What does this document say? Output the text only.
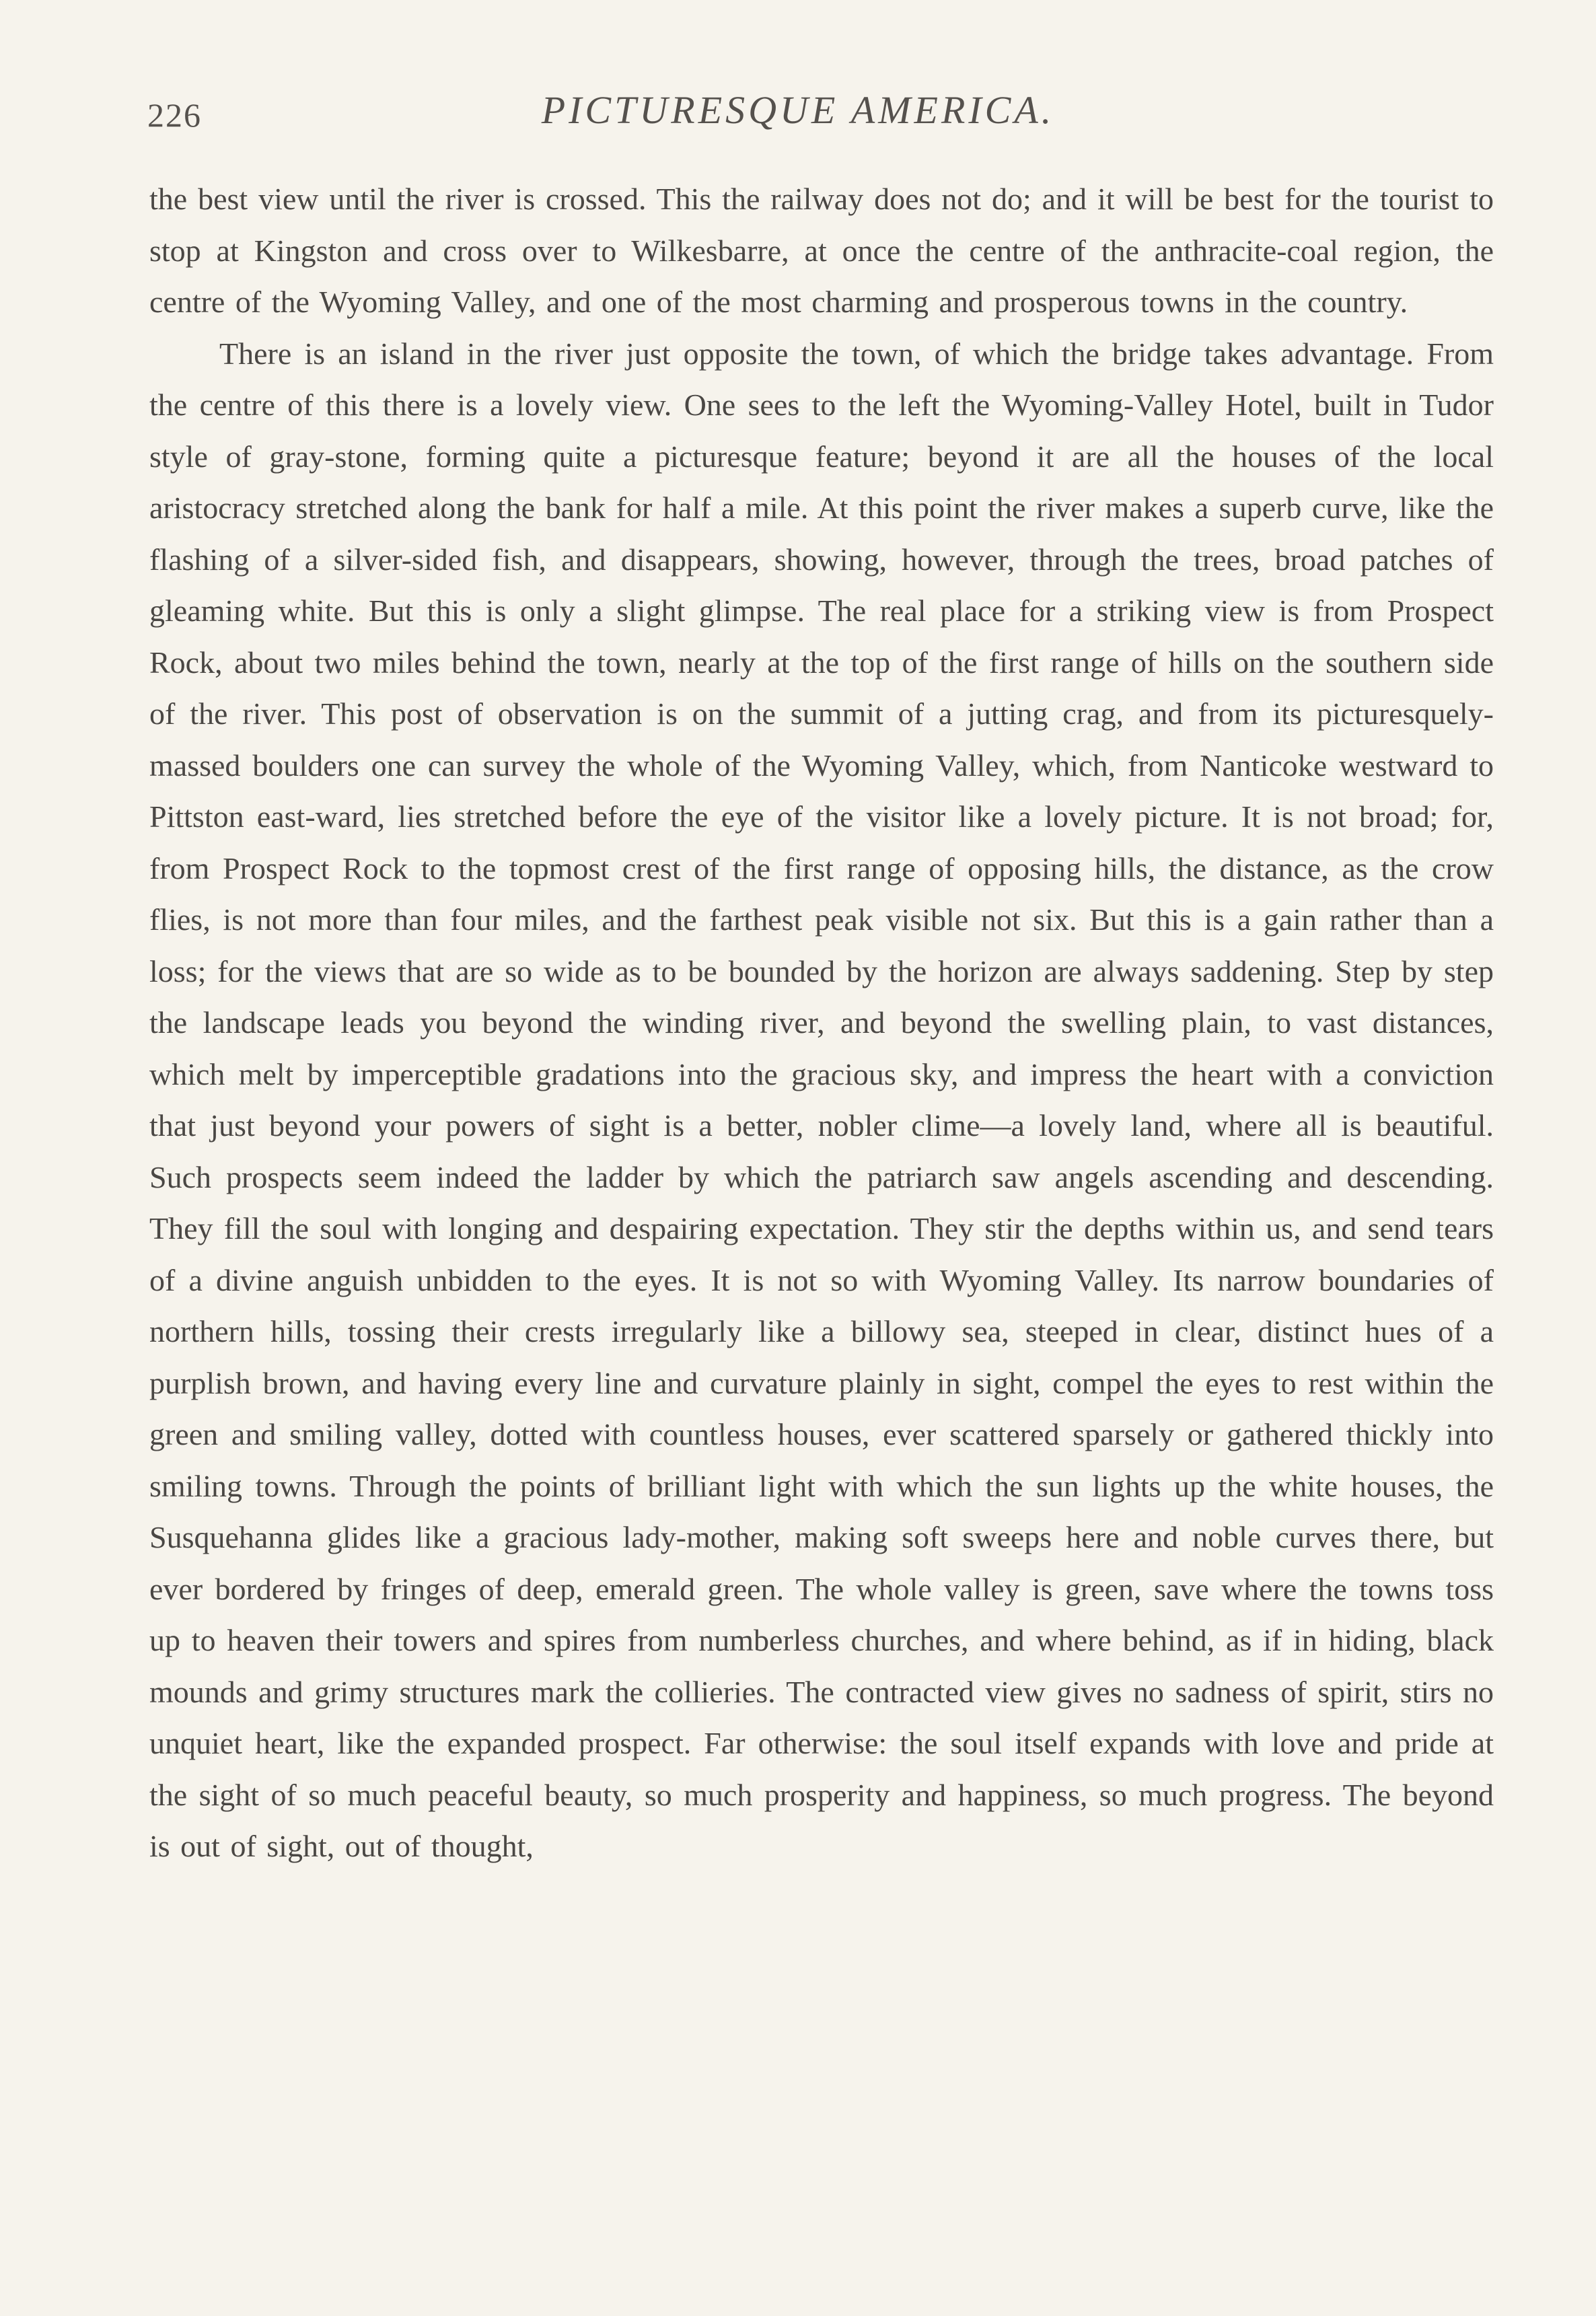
226	PICTURESQUE AMERICA.

the best view until the river is crossed. This the railway does not do; and it will be best for the tourist to stop at Kingston and cross over to Wilkesbarre, at once the centre of the anthracite-coal region, the centre of the Wyoming Valley, and one of the most charming and prosperous towns in the country.

There is an island in the river just opposite the town, of which the bridge takes advantage. From the centre of this there is a lovely view. One sees to the left the Wyoming-Valley Hotel, built in Tudor style of gray-stone, forming quite a picturesque feature; beyond it are all the houses of the local aristocracy stretched along the bank for half a mile. At this point the river makes a superb curve, like the flashing of a silver-sided fish, and disappears, showing, however, through the trees, broad patches of gleaming white. But this is only a slight glimpse. The real place for a striking view is from Prospect Rock, about two miles behind the town, nearly at the top of the first range of hills on the southern side of the river. This post of observation is on the summit of a jutting crag, and from its picturesquely-massed boulders one can survey the whole of the Wyoming Valley, which, from Nanticoke westward to Pittston east-ward, lies stretched before the eye of the visitor like a lovely picture. It is not broad; for, from Prospect Rock to the topmost crest of the first range of opposing hills, the distance, as the crow flies, is not more than four miles, and the farthest peak visible not six. But this is a gain rather than a loss; for the views that are so wide as to be bounded by the horizon are always saddening. Step by step the landscape leads you beyond the winding river, and beyond the swelling plain, to vast distances, which melt by imperceptible gradations into the gracious sky, and impress the heart with a conviction that just beyond your powers of sight is a better, nobler clime—a lovely land, where all is beautiful. Such prospects seem indeed the ladder by which the patriarch saw angels ascending and descending. They fill the soul with longing and despairing expectation. They stir the depths within us, and send tears of a divine anguish unbidden to the eyes. It is not so with Wyoming Valley. Its narrow boundaries of northern hills, tossing their crests irregularly like a billowy sea, steeped in clear, distinct hues of a purplish brown, and having every line and curvature plainly in sight, compel the eyes to rest within the green and smiling valley, dotted with countless houses, ever scattered sparsely or gathered thickly into smiling towns. Through the points of brilliant light with which the sun lights up the white houses, the Susquehanna glides like a gracious lady-mother, making soft sweeps here and noble curves there, but ever bordered by fringes of deep, emerald green. The whole valley is green, save where the towns toss up to heaven their towers and spires from numberless churches, and where behind, as if in hiding, black mounds and grimy structures mark the collieries. The contracted view gives no sadness of spirit, stirs no unquiet heart, like the expanded prospect. Far otherwise: the soul itself expands with love and pride at the sight of so much peaceful beauty, so much prosperity and happiness, so much progress. The beyond is out of sight, out of thought,
